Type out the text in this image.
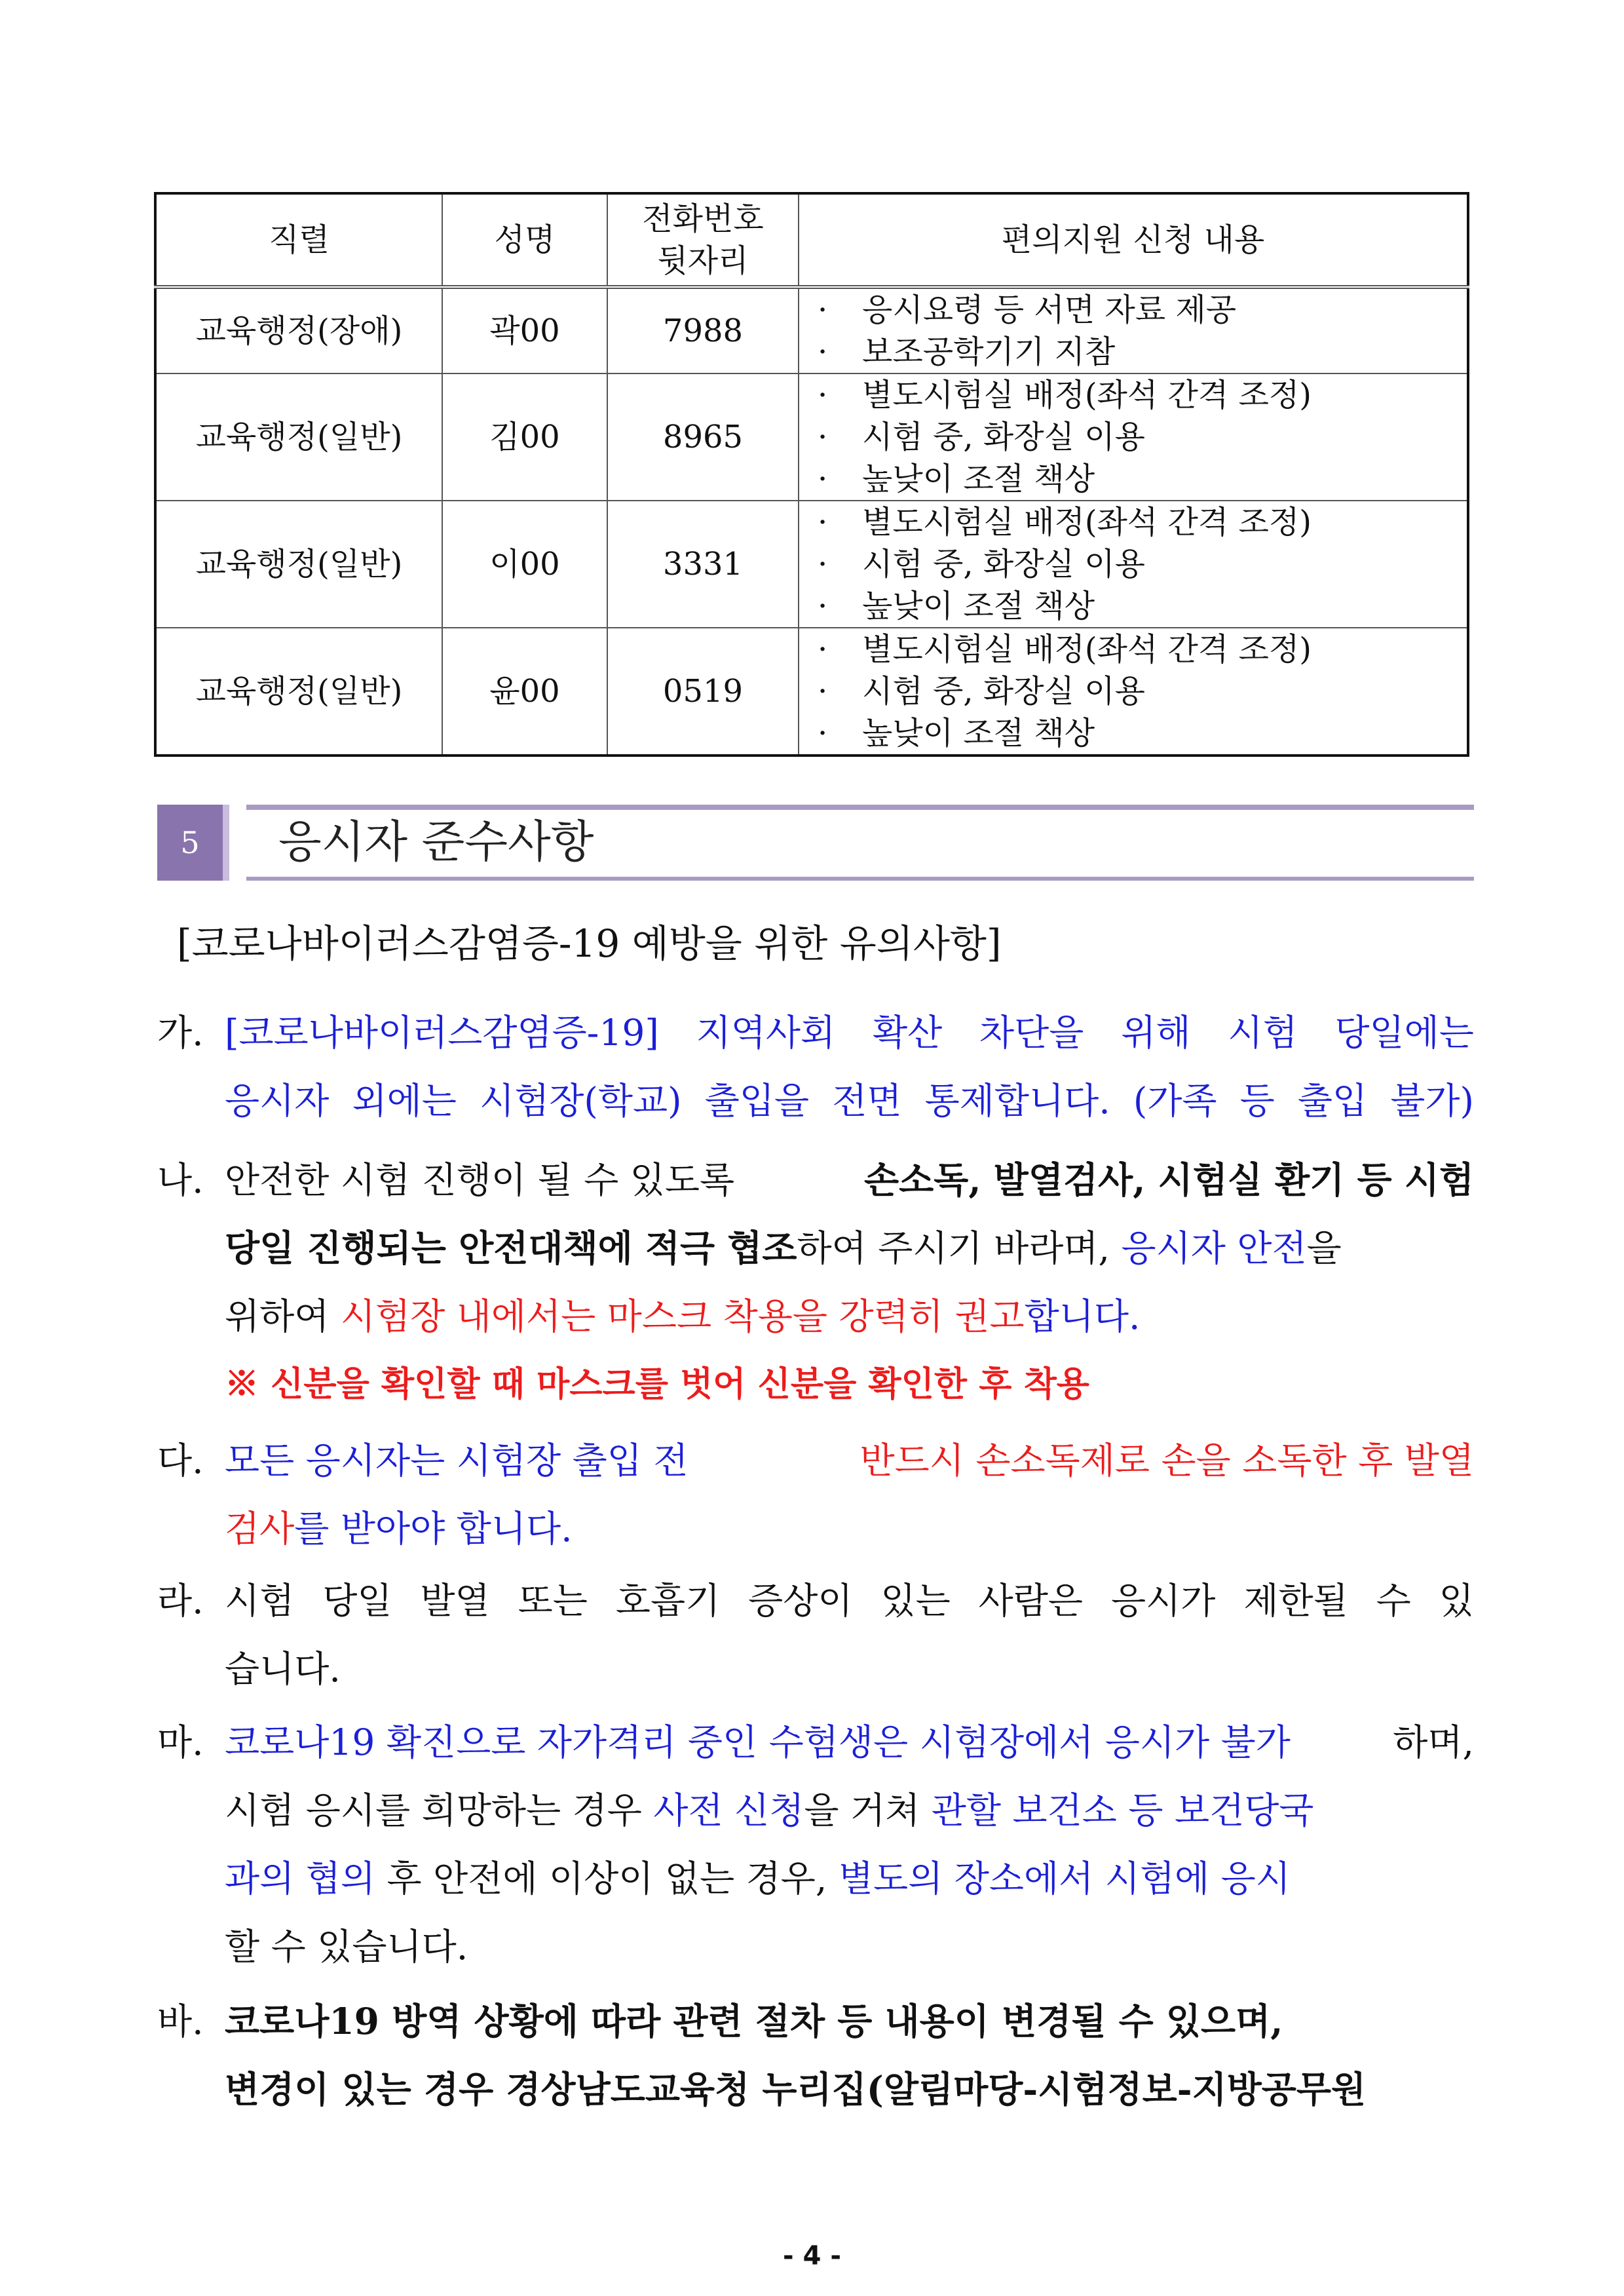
직렬	성명	전화번호 뒷자리	편의지원 신청 내용
교육행정(장애)	곽00	7988	· 응시요령 등 서면 자료 제공
· 보조공학기기 지참

교육행정(일반)	김00	8965	· 별도시험실 배정(좌석 간격 조정)
· 시험 중, 화장실 이용
· 높낮이 조절 책상

교육행정(일반)	이00	3331	· 별도시험실 배정(좌석 간격 조정)
· 시험 중, 화장실 이용
· 높낮이 조절 책상

교육행정(일반)	윤00	0519	· 별도시험실 배정(좌석 간격 조정)
· 시험 중, 화장실 이용
· 높낮이 조절 책상
5	응시자 준수사항
[코로나바이러스감염증-19 예방을 위한 유의사항]
가. [코로나바이러스감염증-19] 지역사회 확산 차단을 위해 시험 당일에는
응시자 외에는 시험장(학교) 출입을 전면 통제합니다. (가족 등 출입 불가)
나. 안전한 시험 진행이 될 수 있도록	손소독, 발열검사, 시험실 환기 등 시험
당일 진행되는 안전대책에 적극 협조 하여 주시기 바라며, 응시자 안전 을
위하여 시험장 내에서는 마스크 착용을 강력히 권고 합니다.
※ 신분을 확인할 때 마스크를 벗어 신분을 확인한 후 착용
다. 모든 응시자는 시험장 출입 전	반드시 손소독제로 손을 소독한 후 발열
검사 를 받아야 합니다.
라. 시험 당일 발열 또는 호흡기 증상이 있는 사람은 응시가 제한될 수 있
습니다.
마. 코로나19 확진으로 자가격리 중인 수험생은 시험장에서 응시가 불가	하며,
시험 응시를 희망하는 경우 사전 신청 을 거쳐 관할 보건소 등 보건당국
과의 협의 후 안전에 이상이 없는 경우, 별도의 장소에서 시험에 응시
할 수 있습니다.
바. 코로나19 방역 상황에 따라 관련 절차 등 내용이 변경될 수 있으며,
변경이 있는 경우 경상남도교육청 누리집(알림마당-시험정보-지방공무원
- 4 -
